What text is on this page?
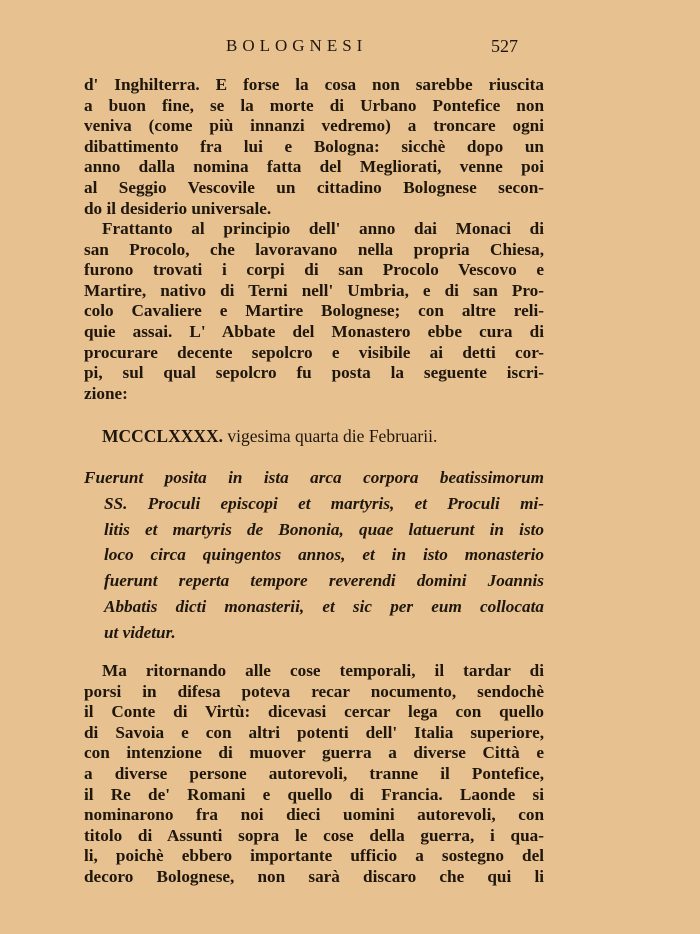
BOLOGNESI	527
d' Inghilterra. E forse la cosa non sarebbe riuscita
a buon fine, se la morte di Urbano Pontefice non
veniva (come più innanzi vedremo) a troncare ogni
dibattimento fra lui e Bologna: sicchè dopo un
anno dalla nomina fatta del Megliorati, venne poi
al Seggio Vescovile un cittadino Bolognese secon-
do il desiderio universale.
Frattanto al principio dell' anno dai Monaci di
san Procolo, che lavoravano nella propria Chiesa,
furono trovati i corpi di san Procolo Vescovo e
Martire, nativo di Terni nell' Umbria, e di san Pro-
colo Cavaliere e Martire Bolognese; con altre reli-
quie assai. L' Abbate del Monastero ebbe cura di
procurare decente sepolcro e visibile ai detti cor-
pi, sul qual sepolcro fu posta la seguente iscri-
zione:
MCCCLXXXX. vigesima quarta die Februarii.
Fuerunt posita in ista arca corpora beatissimorum
SS. Proculi episcopi et martyris, et Proculi mi-
litis et martyris de Bononia, quae latuerunt in isto
loco circa quingentos annos, et in isto monasterio
fuerunt reperta tempore reverendi domini Joannis
Abbatis dicti monasterii, et sic per eum collocata
ut videtur.
Ma ritornando alle cose temporali, il tardar di
porsi in difesa poteva recar nocumento, sendochè
il Conte di Virtù: dicevasi cercar lega con quello
di Savoia e con altri potenti dell' Italia superiore,
con intenzione di muover guerra a diverse Città e
a diverse persone autorevoli, tranne il Pontefice,
il Re de' Romani e quello di Francia. Laonde si
nominarono fra noi dieci uomini autorevoli, con
titolo di Assunti sopra le cose della guerra, i qua-
li, poichè ebbero importante ufficio a sostegno del
decoro Bolognese, non sarà discaro che qui li
